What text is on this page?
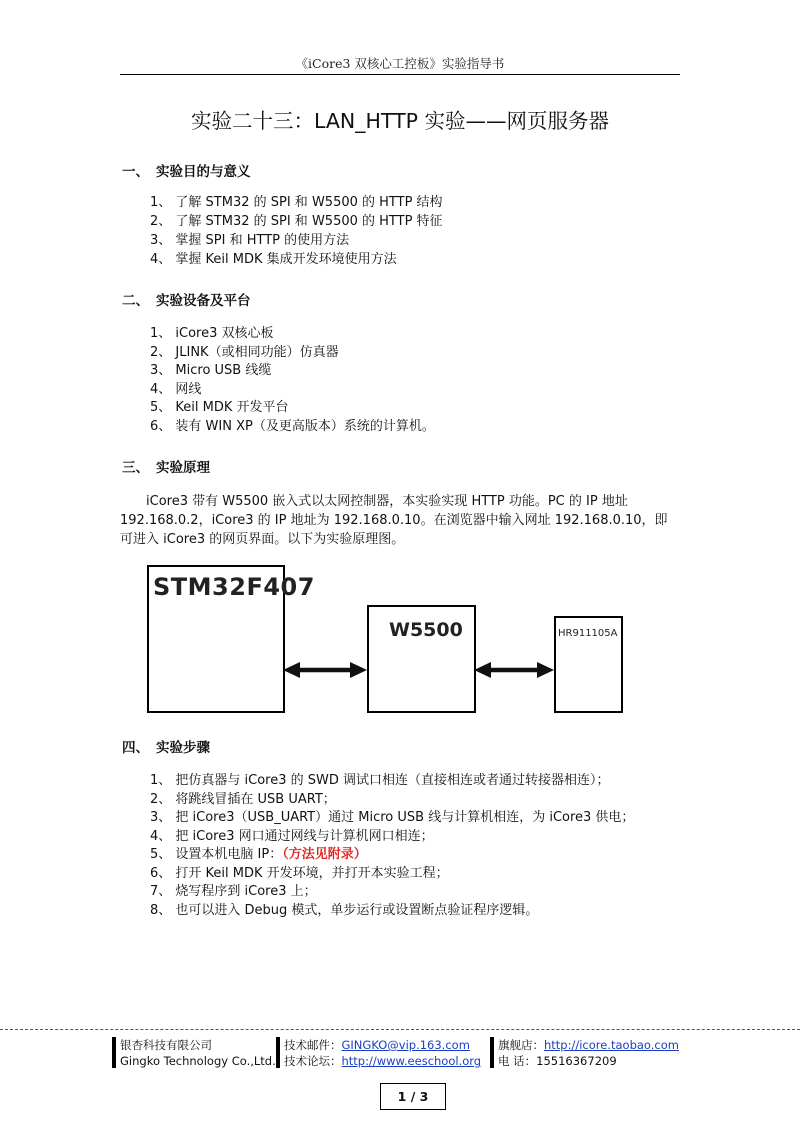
《iCore3 双核心工控板》实验指导书
实验二十三：LAN_HTTP 实验——网页服务器
一、 实验目的与意义
1、 了解 STM32 的 SPI 和 W5500 的 HTTP 结构
2、 了解 STM32 的 SPI 和 W5500 的 HTTP 特征
3、 掌握 SPI 和 HTTP 的使用方法
4、 掌握 Keil MDK 集成开发环境使用方法
二、 实验设备及平台
1、 iCore3 双核心板
2、 JLINK（或相同功能）仿真器
3、 Micro USB 线缆
4、 网线
5、 Keil MDK 开发平台
6、 装有 WIN XP（及更高版本）系统的计算机。
三、 实验原理

iCore3 带有 W5500 嵌入式以太网控制器，本实验实现 HTTP 功能。PC 的 IP 地址 192.168.0.2，iCore3 的 IP 地址为 192.168.0.10。在浏览器中输入网址 192.168.0.10，即可进入 iCore3 的网页界面。以下为实验原理图。

STM32F407
W5500	HR911105A
四、 实验步骤
1、 把仿真器与 iCore3 的 SWD 调试口相连（直接相连或者通过转接器相连）；
2、 将跳线冒插在 USB UART；
3、 把 iCore3（USB_UART）通过 Micro USB 线与计算机相连，为 iCore3 供电；
4、 把 iCore3 网口通过网线与计算机网口相连；
5、 设置本机电脑 IP：（方法见附录）
6、 打开 Keil MDK 开发环境，并打开本实验工程；
7、 烧写程序到 iCore3 上；
8、 也可以进入 Debug 模式，单步运行或设置断点验证程序逻辑。
银杏科技有限公司
Gingko Technology Co.,Ltd.
技术邮件：GINGKO@vip.163.com
技术论坛：http://www.eeschool.org
旗舰店：http://icore.taobao.com
电 话：15516367209
1 / 3
